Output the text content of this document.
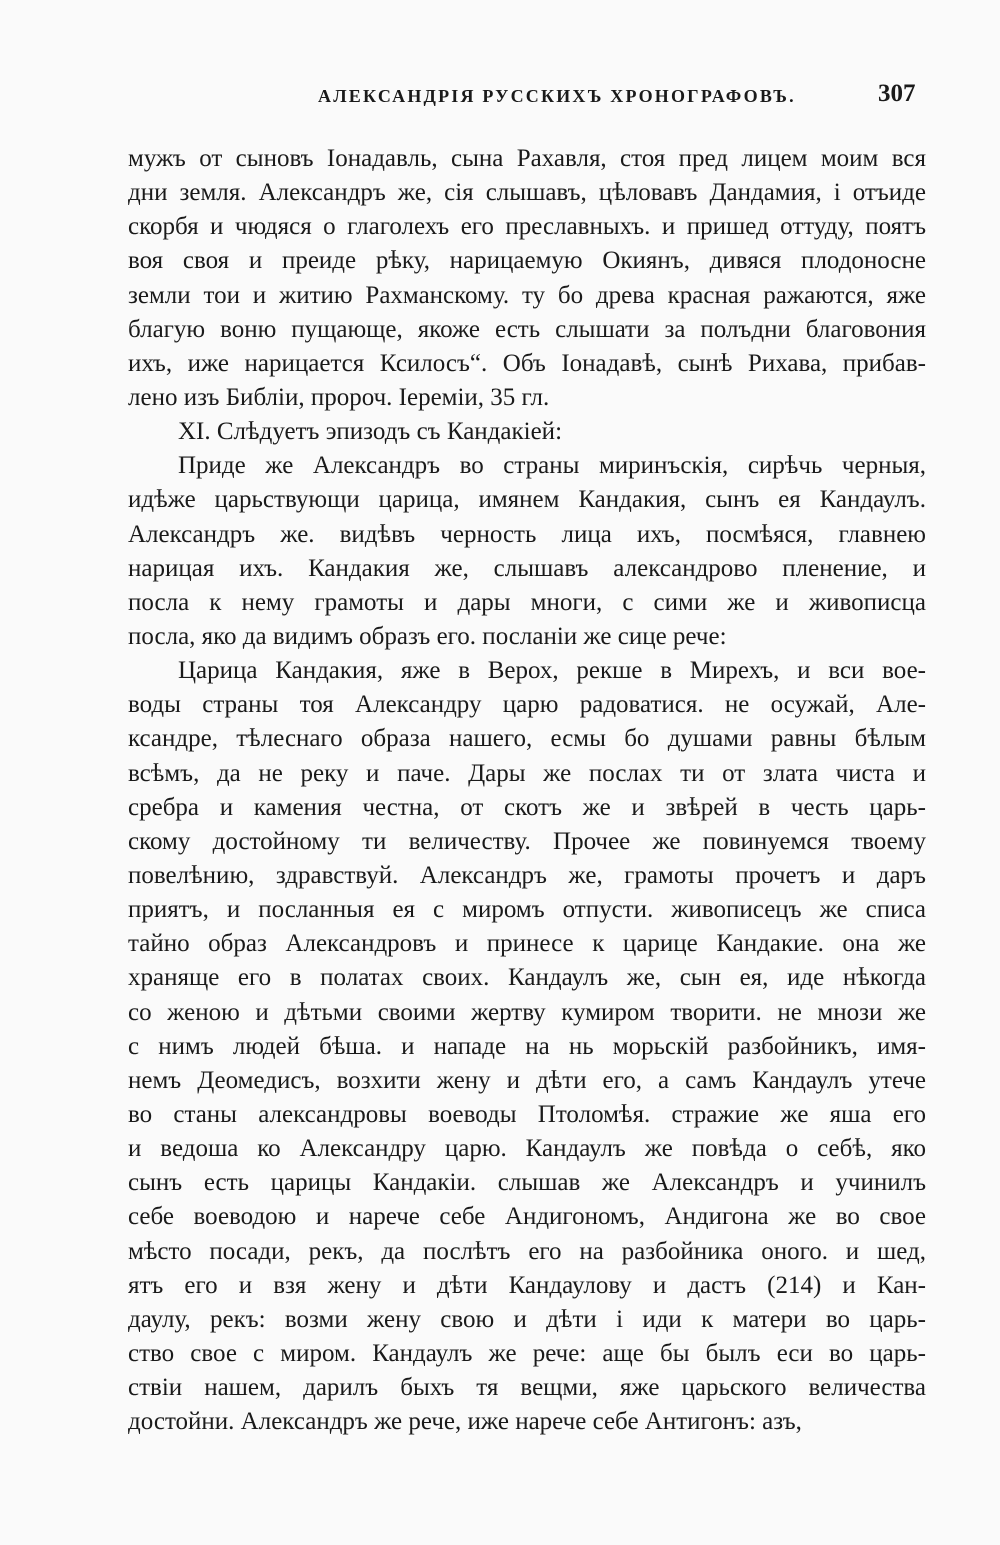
АЛЕКСАНДРІЯ РУССКИХЪ ХРОНОГРАФОВЪ.	307
мужъ от сыновъ Іонадавль, сына Рахавля, стоя пред лицем моим вся
дни земля. Александръ же, сія слышавъ, цѣловавъ Дандамия, і отъиде
скорбя и чюдяся о глаголехъ его преславныхъ. и пришед оттуду, поятъ
воя своя и преиде рѣку, нарицаемую Окиянъ, дивяся плодоносне
земли тои и житию Рахманскому. ту бо древа красная ражаются, яже
благую воню пущающе, якоже есть слышати за полъдни благовония
ихъ, иже нарицается Ксилосъ“. Объ Іонадавѣ, сынѣ Рихава, прибав-
лено изъ Библіи, пророч. Іеремiи, 35 гл.
XI. Слѣдуетъ эпизодъ съ Кандакiей:
Приде же Александръ во страны миринъскiя, сирѣчь черныя,
идѣже царьствующи царица, имянем Кандакия, сынъ ея Кандаулъ.
Александръ же. видѣвъ черность лица ихъ, посмѣяся, главнею
нарицая ихъ. Кандакия же, слышавъ александрово пленение, и
посла к нему грамоты и дары многи, с сими же и живописца
посла, яко да видимъ образъ его. посланiи же сице рече:
Царица Кандакия, яже в Верох, рекше в Мирехъ, и вси вое-
воды страны тоя Александру царю радоватися. не осужай, Але-
ксандре, тѣлеснаго образа нашего, есмы бо душами равны бѣлым
всѣмъ, да не реку и паче. Дары же послах ти от злата чиста и
сребра и камения честна, от скотъ же и звѣрей в честь царь-
скому достойному ти величеству. Прочее же повинуемся твоему
повелѣнию, здравствуй. Александръ же, грамоты прочетъ и даръ
приятъ, и посланныя ея с миромъ отпусти. живописецъ же списа
тайно образ Александровъ и принесе к царице Кандакие. она же
хранящe его в полатах своих. Кандаулъ же, сын ея, иде нѣкогда
со женою и дѣтьми своими жертву кумиром творити. не мнози же
с нимъ людей бѣша. и нападе на нь морьскiй разбойникъ, имя-
немъ Деомедисъ, возхити жену и дѣти его, а самъ Кандаулъ утече
во станы александровы воеводы Птоломѣя. стражие же яша его
и ведоша ко Александру царю. Кандаулъ же повѣда о себѣ, яко
сынъ есть царицы Кандакiи. слышав же Александръ и учинилъ
себе воеводою и нарече себе Андигономъ, Андигона же во свое
мѣсто посади, рекъ, да послѣтъ его на разбойника оного. и шед,
ятъ его и взя жену и дѣти Кандаулову и дастъ (214) и Кан-
даулу, рекъ: возми жену свою и дѣти і иди к матери во царь-
ство свое с миром. Кандаулъ же рече: аще бы былъ еси во царь-
ствiи нашем, дарилъ быхъ тя вещми, яже царьского величества
достойни. Александръ же рече, иже нарече себе Антигонъ: азъ,
